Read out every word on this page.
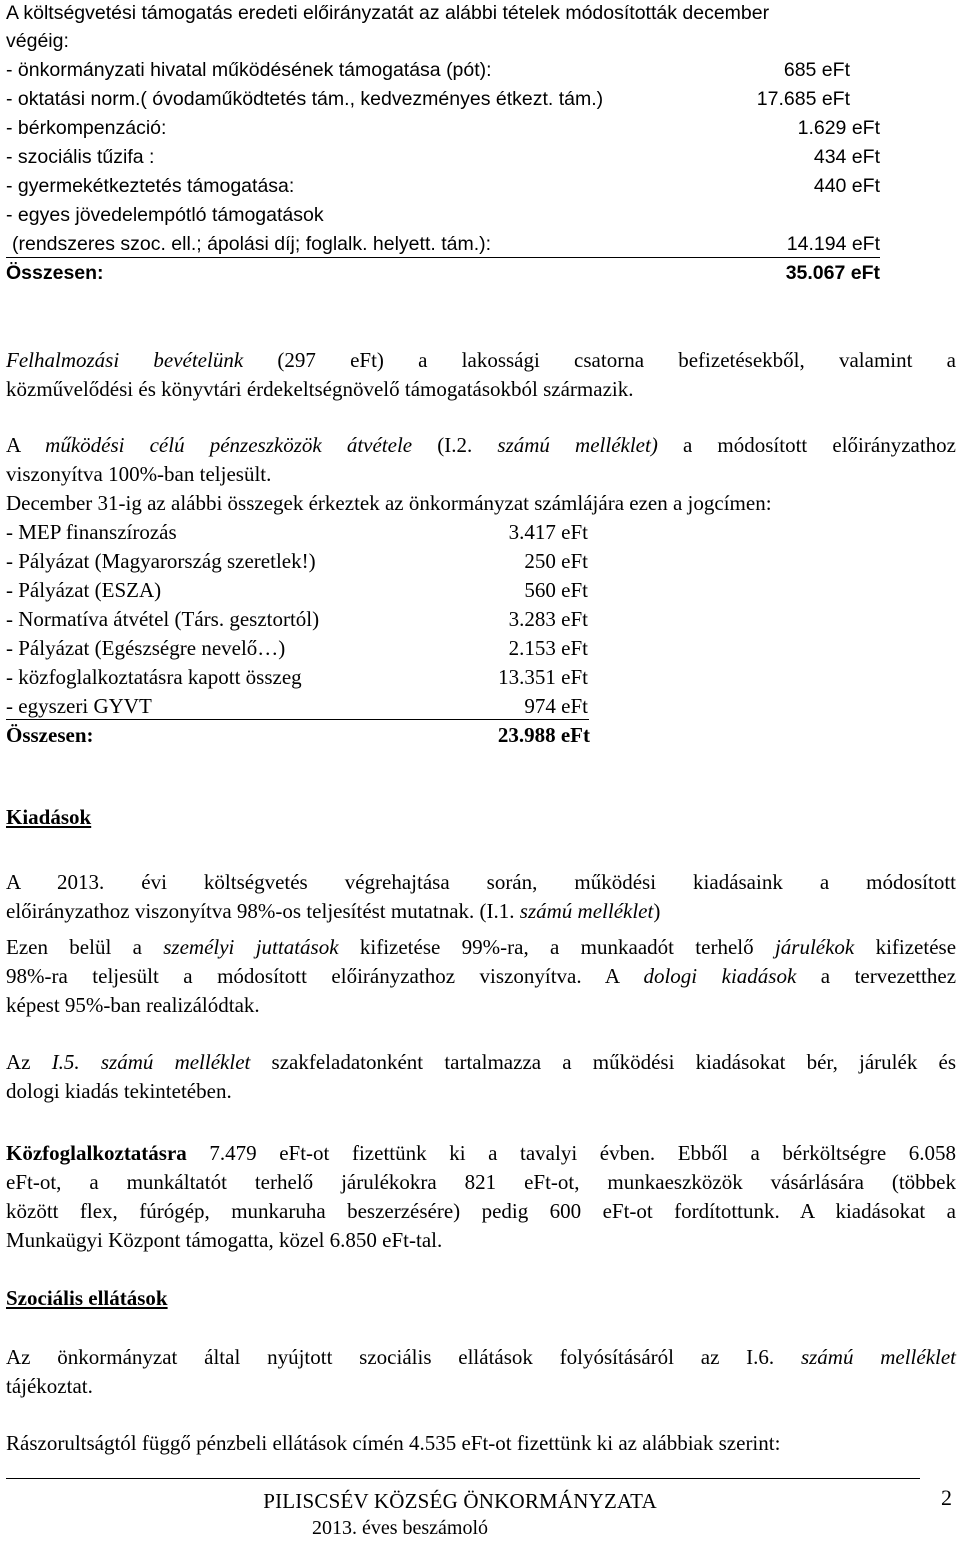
A költségvetési támogatás eredeti előirányzatát az alábbi tételek módosították december
végéig:
- önkormányzati hivatal működésének támogatása (pót):	685 eFt
- oktatási norm.( óvodaműködtetés tám., kedvezményes étkezt. tám.)	17.685 eFt
- bérkompenzáció:	1.629 eFt
- szociális tűzifa :	434 eFt
- gyermekétkeztetés támogatása:	440 eFt
- egyes jövedelempótló támogatások
(rendszeres szoc. ell.; ápolási díj; foglalk. helyett. tám.):	14.194 eFt
Összesen:	35.067 eFt
Felhalmozási bevételünk (297 eFt) a lakossági csatorna befizetésekből, valamint a
közművelődési és könyvtári érdekeltségnövelő támogatásokból származik.
A működési célú pénzeszközök átvétele (I.2. számú melléklet) a módosított előirányzathoz
viszonyítva 100%-ban teljesült.
December 31-ig az alábbi összegek érkeztek az önkormányzat számlájára ezen a jogcímen:
- MEP finanszírozás	3.417 eFt
- Pályázat (Magyarország szeretlek!)	250 eFt
- Pályázat (ESZA)	560 eFt
- Normatíva átvétel (Társ. gesztortól)	3.283 eFt
- Pályázat (Egészségre nevelő…)	2.153 eFt
- közfoglalkoztatásra kapott összeg	13.351 eFt
- egyszeri GYVT	974 eFt
Összesen:	23.988 eFt
Kiadások
A 2013. évi költségvetés végrehajtása során, működési kiadásaink a módosított
előirányzathoz viszonyítva 98%-os teljesítést mutatnak. (I.1. számú melléklet)
Ezen belül a személyi juttatások kifizetése 99%-ra, a munkaadót terhelő járulékok kifizetése
98%-ra teljesült a módosított előirányzathoz viszonyítva. A dologi kiadások a tervezetthez
képest 95%-ban realizálódtak.
Az I.5. számú melléklet szakfeladatonként tartalmazza a működési kiadásokat bér, járulék és
dologi kiadás tekintetében.
Közfoglalkoztatásra 7.479 eFt-ot fizettünk ki a tavalyi évben. Ebből a bérköltségre 6.058
eFt-ot, a munkáltatót terhelő járulékokra 821 eFt-ot, munkaeszközök vásárlására (többek
között flex, fúrógép, munkaruha beszerzésére) pedig 600 eFt-ot fordítottunk. A kiadásokat a
Munkaügyi Központ támogatta, közel 6.850 eFt-tal.
Szociális ellátások
Az önkormányzat által nyújtott szociális ellátások folyósításáról az I.6. számú melléklet
tájékoztat.
Rászorultságtól függő pénzbeli ellátások címén 4.535 eFt-ot fizettünk ki az alábbiak szerint:
PILISCSÉV KÖZSÉG ÖNKORMÁNYZATA
2013. éves beszámoló
2
